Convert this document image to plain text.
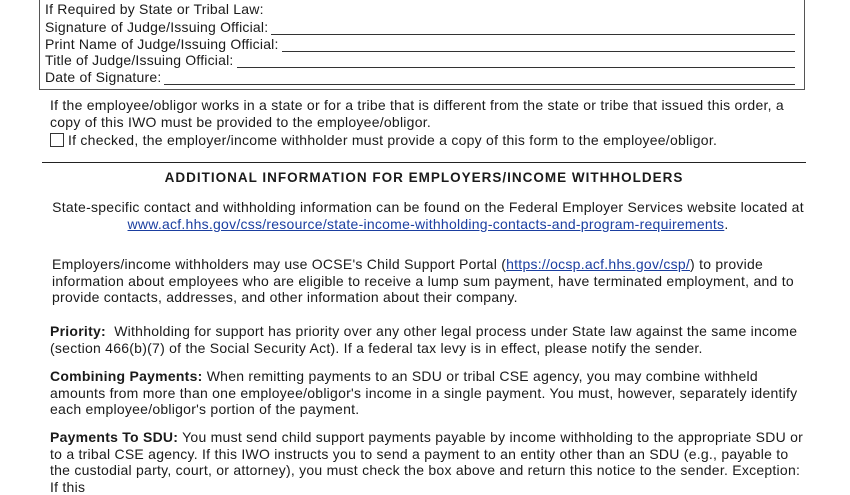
If Required by State or Tribal Law:
Signature of Judge/Issuing Official:
Print Name of Judge/Issuing Official:
Title of Judge/Issuing Official:
Date of Signature:
If the employee/obligor works in a state or for a tribe that is different from the state or tribe that issued this order, a copy of this IWO must be provided to the employee/obligor.
If checked, the employer/income withholder must provide a copy of this form to the employee/obligor.
ADDITIONAL INFORMATION FOR EMPLOYERS/INCOME WITHHOLDERS
State-specific contact and withholding information can be found on the Federal Employer Services website located at
www.acf.hhs.gov/css/resource/state-income-withholding-contacts-and-program-requirements.
Employers/income withholders may use OCSE's Child Support Portal (https://ocsp.acf.hhs.gov/csp/) to provide information about employees who are eligible to receive a lump sum payment, have terminated employment, and to provide contacts, addresses, and other information about their company.
Priority: Withholding for support has priority over any other legal process under State law against the same income (section 466(b)(7) of the Social Security Act). If a federal tax levy is in effect, please notify the sender.
Combining Payments: When remitting payments to an SDU or tribal CSE agency, you may combine withheld amounts from more than one employee/obligor's income in a single payment. You must, however, separately identify each employee/obligor's portion of the payment.
Payments To SDU: You must send child support payments payable by income withholding to the appropriate SDU or to a tribal CSE agency. If this IWO instructs you to send a payment to an entity other than an SDU (e.g., payable to the custodial party, court, or attorney), you must check the box above and return this notice to the sender. Exception: If this
